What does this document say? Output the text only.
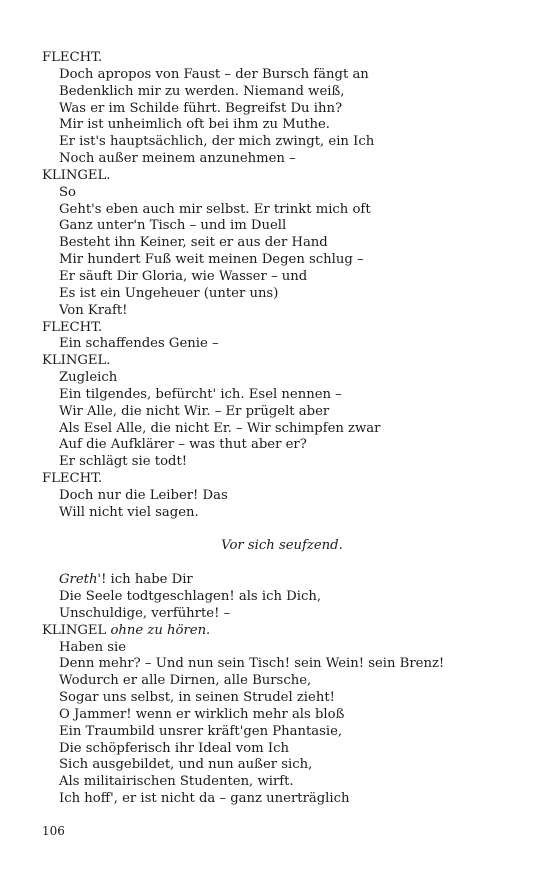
FLECHT.
Doch apropos von Faust – der Bursch fängt an
Bedenklich mir zu werden. Niemand weiß,
Was er im Schilde führt. Begreifst Du ihn?
Mir ist unheimlich oft bei ihm zu Muthe.
Er ist's hauptsächlich, der mich zwingt, ein Ich
Noch außer meinem anzunehmen –
KLINGEL.
So
Geht's eben auch mir selbst. Er trinkt mich oft
Ganz unter'n Tisch – und im Duell
Besteht ihn Keiner, seit er aus der Hand
Mir hundert Fuß weit meinen Degen schlug –
Er säuft Dir Gloria, wie Wasser – und
Es ist ein Ungeheuer (unter uns)
Von Kraft!
FLECHT.
Ein schaffendes Genie –
KLINGEL.
Zugleich
Ein tilgendes, befürcht' ich. Esel nennen –
Wir Alle, die nicht Wir. – Er prügelt aber
Als Esel Alle, die nicht Er. – Wir schimpfen zwar
Auf die Aufklärer – was thut aber er?
Er schlägt sie todt!
FLECHT.
Doch nur die Leiber! Das
Will nicht viel sagen.
Vor sich seufzend.
Greth'! ich habe Dir
Die Seele todtgeschlagen! als ich Dich,
Unschuldige, verführte! –
KLINGEL ohne zu hören.
Haben sie
Denn mehr? – Und nun sein Tisch! sein Wein! sein Brenz!
Wodurch er alle Dirnen, alle Bursche,
Sogar uns selbst, in seinen Strudel zieht!
O Jammer! wenn er wirklich mehr als bloß
Ein Traumbild unsrer kräft'gen Phantasie,
Die schöpferisch ihr Ideal vom Ich
Sich ausgebildet, und nun außer sich,
Als militairischen Studenten, wirft.
Ich hoff', er ist nicht da – ganz unerträglich
106
